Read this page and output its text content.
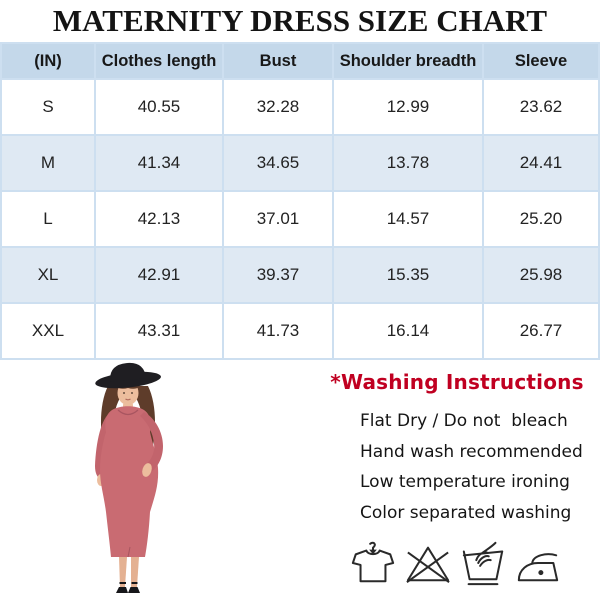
MATERNITY DRESS SIZE CHART
(IN)	Clothes length	Bust	Shoulder breadth	Sleeve
S	40.55	32.28	12.99	23.62
M	41.34	34.65	13.78	24.41
L	42.13	37.01	14.57	25.20
XL	42.91	39.37	15.35	25.98
XXL	43.31	41.73	16.14	26.77
*Washing Instructions
Flat Dry / Do not  bleach
Hand wash recommended
Low temperature ironing
Color separated washing
